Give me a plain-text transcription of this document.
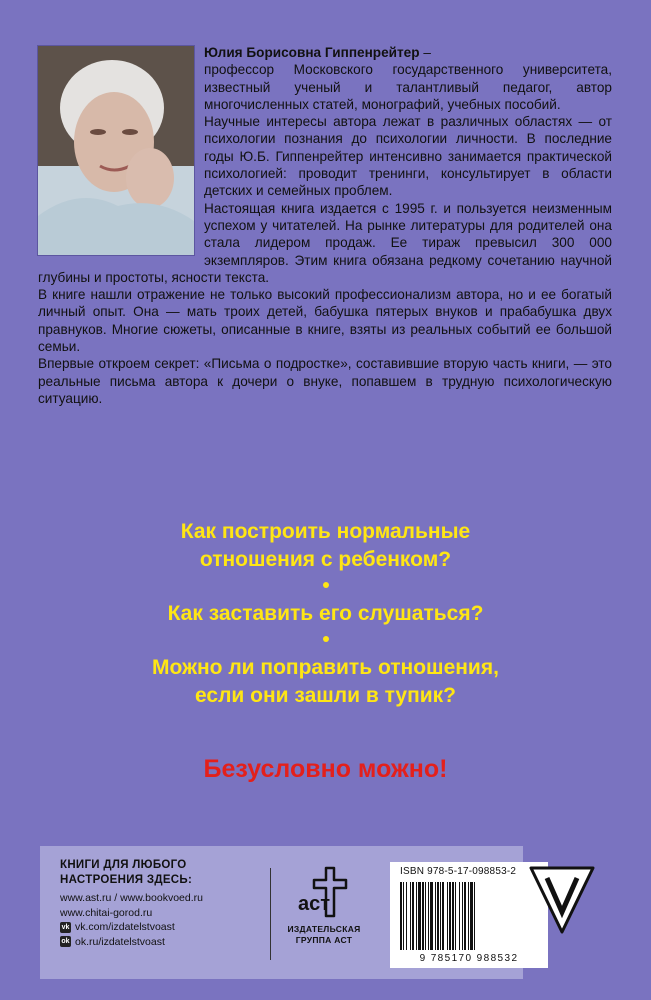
Юлия Борисовна Гиппенрейтер –
профессор Московского государственного университета, известный ученый и талантливый педагог, автор многочисленных статей, монографий, учебных пособий.

Научные интересы автора лежат в различных областях — от психологии познания до психологии личности. В последние годы Ю.Б. Гиппенрейтер интенсивно занимается практической психологией: проводит тренинги, консультирует в области детских и семейных проблем.

Настоящая книга издается с 1995 г. и пользуется неизменным успехом у читателей. На рынке литературы для родителей она стала лидером продаж. Ее тираж превысил 300 000 экземпляров. Этим книга обязана редкому сочетанию научной глубины и простоты, ясности текста.

В книге нашли отражение не только высокий профессионализм автора, но и ее богатый личный опыт. Она — мать троих детей, бабушка пятерых внуков и прабабушка двух правнуков. Многие сюжеты, описанные в книге, взяты из реальных событий ее большой семьи.

Впервые откроем секрет: «Письма о подростке», составившие вторую часть книги, — это реальные письма автора к дочери о внуке, попавшем в трудную психологическую ситуацию.

Как построить нормальные отношения с ребенком?

Как заставить его слушаться?

Можно ли поправить отношения, если они зашли в тупик?

Безусловно можно!
КНИГИ ДЛЯ ЛЮБОГО
НАСТРОЕНИЯ ЗДЕСЬ:
www.ast.ru / www.bookvoed.ru
www.chitai-gorod.ru
vk vk.com/izdatelstvoast
ok ok.ru/izdatelstvoast
аст
ИЗДАТЕЛЬСКАЯ
ГРУППА АСТ
ISBN 978-5-17-098853-2
9 785170 988532
